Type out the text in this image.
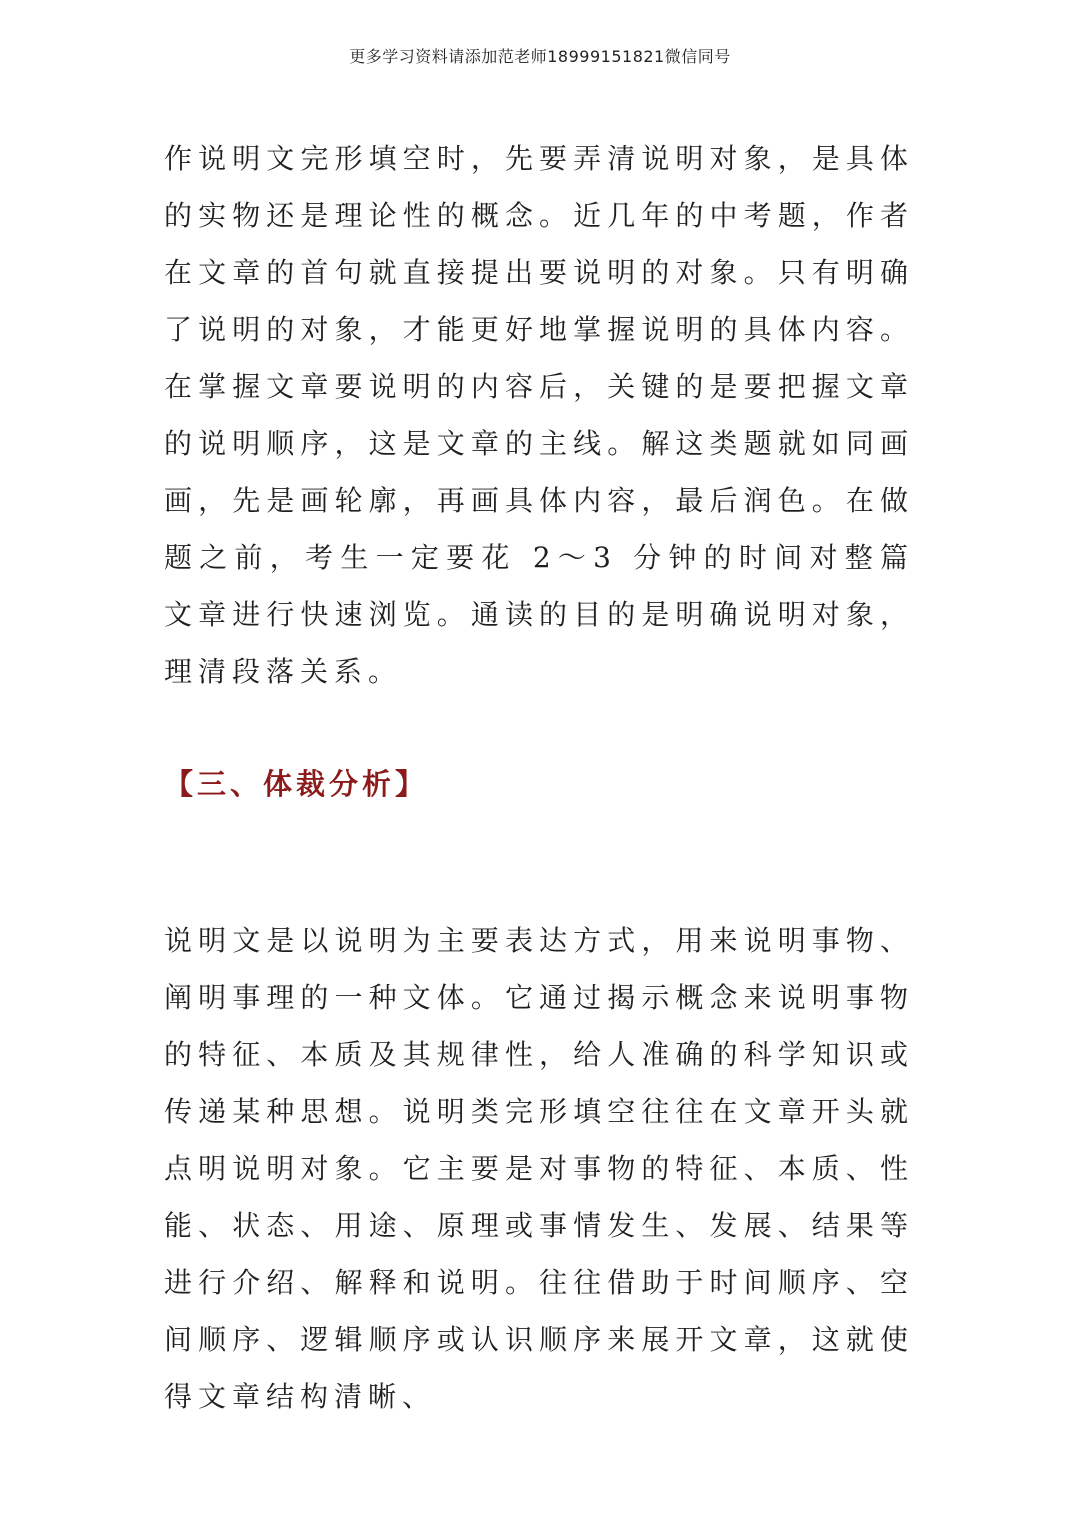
更多学习资料请添加范老师18999151821微信同号

作说明文完形填空时，先要弄清说明对象，是具体的实物还是理论性的概念。近几年的中考题，作者在文章的首句就直接提出要说明的对象。只有明确了说明的对象，才能更好地掌握说明的具体内容。在掌握文章要说明的内容后，关键的是要把握文章的说明顺序，这是文章的主线。解这类题就如同画画，先是画轮廓，再画具体内容，最后润色。在做题之前，考生一定要花 2～3 分钟的时间对整篇文章进行快速浏览。通读的目的是明确说明对象，理清段落关系。

【三、体裁分析】

说明文是以说明为主要表达方式，用来说明事物、阐明事理的一种文体。它通过揭示概念来说明事物的特征、本质及其规律性，给人准确的科学知识或传递某种思想。说明类完形填空往往在文章开头就点明说明对象。它主要是对事物的特征、本质、性能、状态、用途、原理或事情发生、发展、结果等进行介绍、解释和说明。往往借助于时间顺序、空间顺序、逻辑顺序或认识顺序来展开文章，这就使得文章结构清晰、
